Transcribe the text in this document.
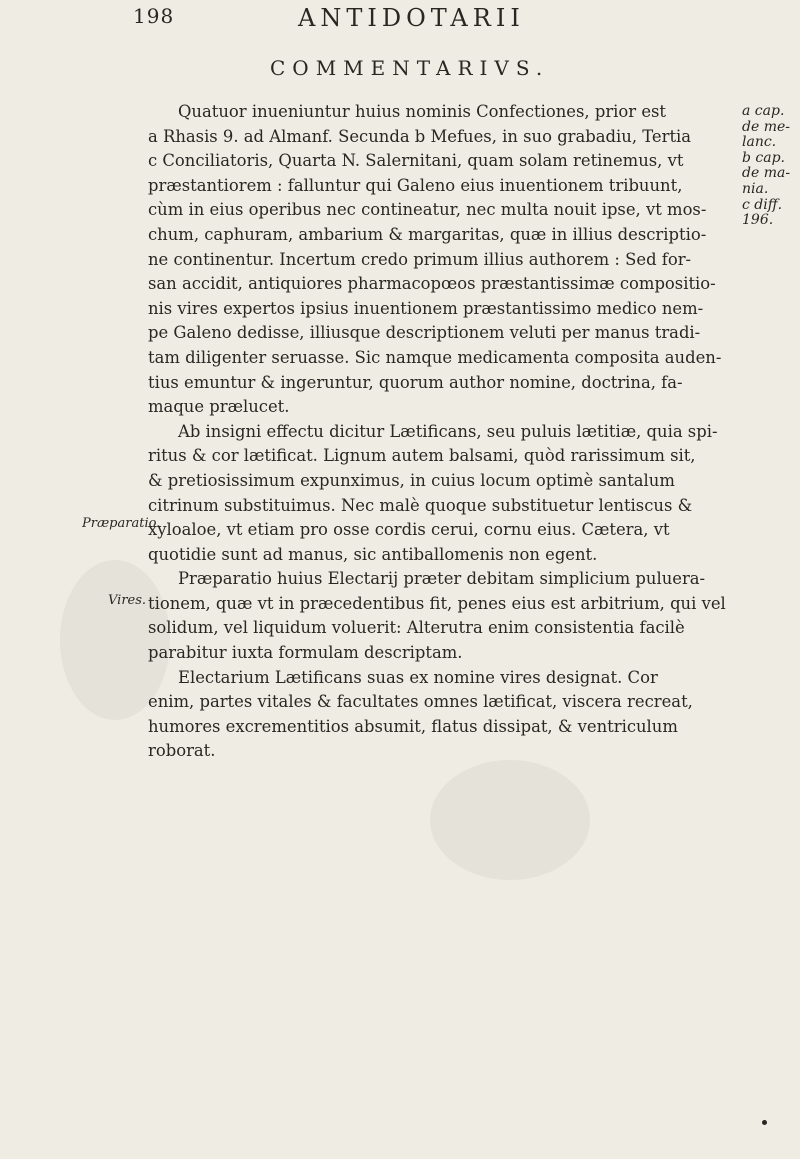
198	ANTIDOTARII
COMMENTARIVS.
Quatuor inueniuntur huius nominis Confectiones, prior est
a Rhasis 9. ad Almanf. Secunda b Mefues, in suo grabadiu, Tertia
c Conciliatoris, Quarta N. Salernitani, quam solam retinemus, vt
præstantiorem : falluntur qui Galeno eius inuentionem tribuunt,
cùm in eius operibus nec contineatur, nec multa nouit ipse, vt mos-
chum, caphuram, ambarium & margaritas, quæ in illius descriptio-
ne continentur. Incertum credo primum illius authorem : Sed for-
san accidit, antiquiores pharmacopœos præstantissimæ compositio-
nis vires expertos ipsius inuentionem præstantissimo medico nem-
pe Galeno dedisse, illiusque descriptionem veluti per manus tradi-
tam diligenter seruasse. Sic namque medicamenta composita auden-
tius emuntur & ingeruntur, quorum author nomine, doctrina, fa-
maque prælucet.
Ab insigni effectu dicitur Lætificans, seu puluis lætitiæ, quia spi-
ritus & cor lætificat. Lignum autem balsami, quòd rarissimum sit,
& pretiosissimum expunximus, in cuius locum optimè santalum
citrinum substituimus. Nec malè quoque substituetur lentiscus &
xyloaloe, vt etiam pro osse cordis cerui, cornu eius. Cætera, vt
quotidie sunt ad manus, sic antiballomenis non egent.
Præparatio huius Electarij præter debitam simplicium puluera-
tionem, quæ vt in præcedentibus fit, penes eius est arbitrium, qui vel
solidum, vel liquidum voluerit: Alterutra enim consistentia facilè
parabitur iuxta formulam descriptam.
Electarium Lætificans suas ex nomine vires designat. Cor
enim, partes vitales & facultates omnes lætificat, viscera recreat,
humores excrementitios absumit, flatus dissipat, & ventriculum
roborat.
a cap.
de me-
lanc.
b cap.
de ma-
nia.
c diff.
196.
Præparatio.
Vires.
